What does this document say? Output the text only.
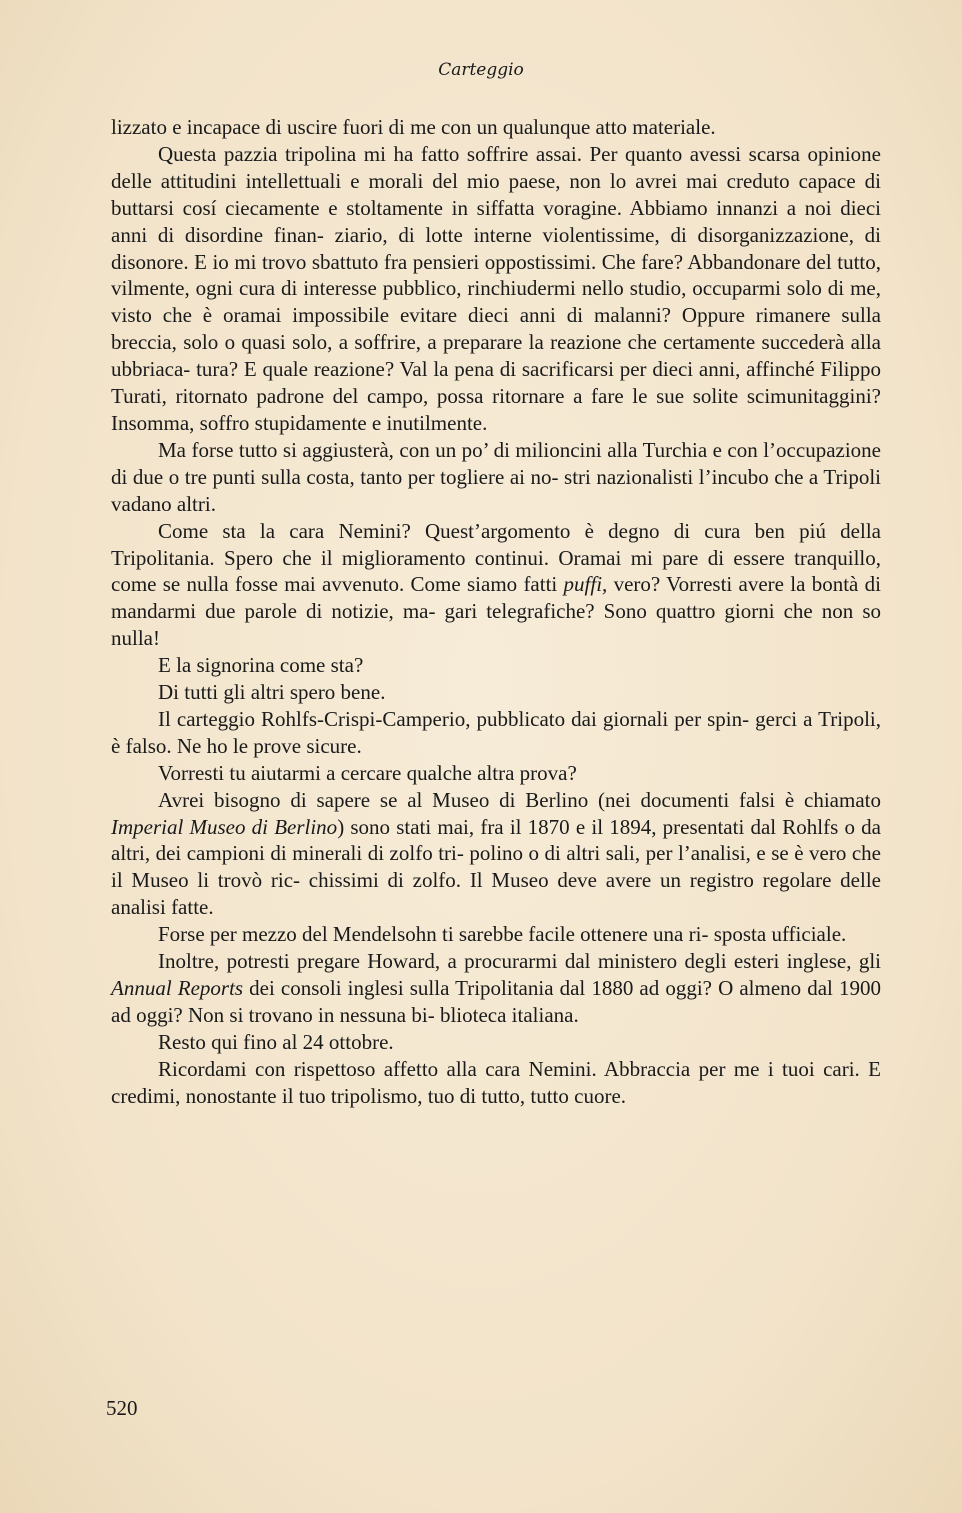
Carteggio

lizzato e incapace di uscire fuori di me con un qualunque atto materiale.

Questa pazzia tripolina mi ha fatto soffrire assai. Per quanto avessi scarsa opinione delle attitudini intellettuali e morali del mio paese, non lo avrei mai creduto capace di buttarsi cosí ciecamente e stoltamente in siffatta voragine. Abbiamo innanzi a noi dieci anni di disordine finan- ziario, di lotte interne violentissime, di disorganizzazione, di disonore. E io mi trovo sbattuto fra pensieri oppostissimi. Che fare? Abbandonare del tutto, vilmente, ogni cura di interesse pubblico, rinchiudermi nello studio, occuparmi solo di me, visto che è oramai impossibile evitare dieci anni di malanni? Oppure rimanere sulla breccia, solo o quasi solo, a soffrire, a preparare la reazione che certamente succederà alla ubbriaca- tura? E quale reazione? Val la pena di sacrificarsi per dieci anni, affinché Filippo Turati, ritornato padrone del campo, possa ritornare a fare le sue solite scimunitaggini? Insomma, soffro stupidamente e inutilmente.

Ma forse tutto si aggiusterà, con un po’ di milioncini alla Turchia e con l’occupazione di due o tre punti sulla costa, tanto per togliere ai no- stri nazionalisti l’incubo che a Tripoli vadano altri.

Come sta la cara Nemini? Quest’argomento è degno di cura ben piú della Tripolitania. Spero che il miglioramento continui. Oramai mi pare di essere tranquillo, come se nulla fosse mai avvenuto. Come siamo fatti puffi, vero? Vorresti avere la bontà di mandarmi due parole di notizie, ma- gari telegrafiche? Sono quattro giorni che non so nulla!

E la signorina come sta?

Di tutti gli altri spero bene.

Il carteggio Rohlfs-Crispi-Camperio, pubblicato dai giornali per spin- gerci a Tripoli, è falso. Ne ho le prove sicure.

Vorresti tu aiutarmi a cercare qualche altra prova?

Avrei bisogno di sapere se al Museo di Berlino (nei documenti falsi è chiamato Imperial Museo di Berlino) sono stati mai, fra il 1870 e il 1894, presentati dal Rohlfs o da altri, dei campioni di minerali di zolfo tri- polino o di altri sali, per l’analisi, e se è vero che il Museo li trovò ric- chissimi di zolfo. Il Museo deve avere un registro regolare delle analisi fatte.

Forse per mezzo del Mendelsohn ti sarebbe facile ottenere una ri- sposta ufficiale.

Inoltre, potresti pregare Howard, a procurarmi dal ministero degli esteri inglese, gli Annual Reports dei consoli inglesi sulla Tripolitania dal 1880 ad oggi? O almeno dal 1900 ad oggi? Non si trovano in nessuna bi- blioteca italiana.

Resto qui fino al 24 ottobre.

Ricordami con rispettoso affetto alla cara Nemini. Abbraccia per me i tuoi cari. E credimi, nonostante il tuo tripolismo, tuo di tutto, tutto cuore.

520
